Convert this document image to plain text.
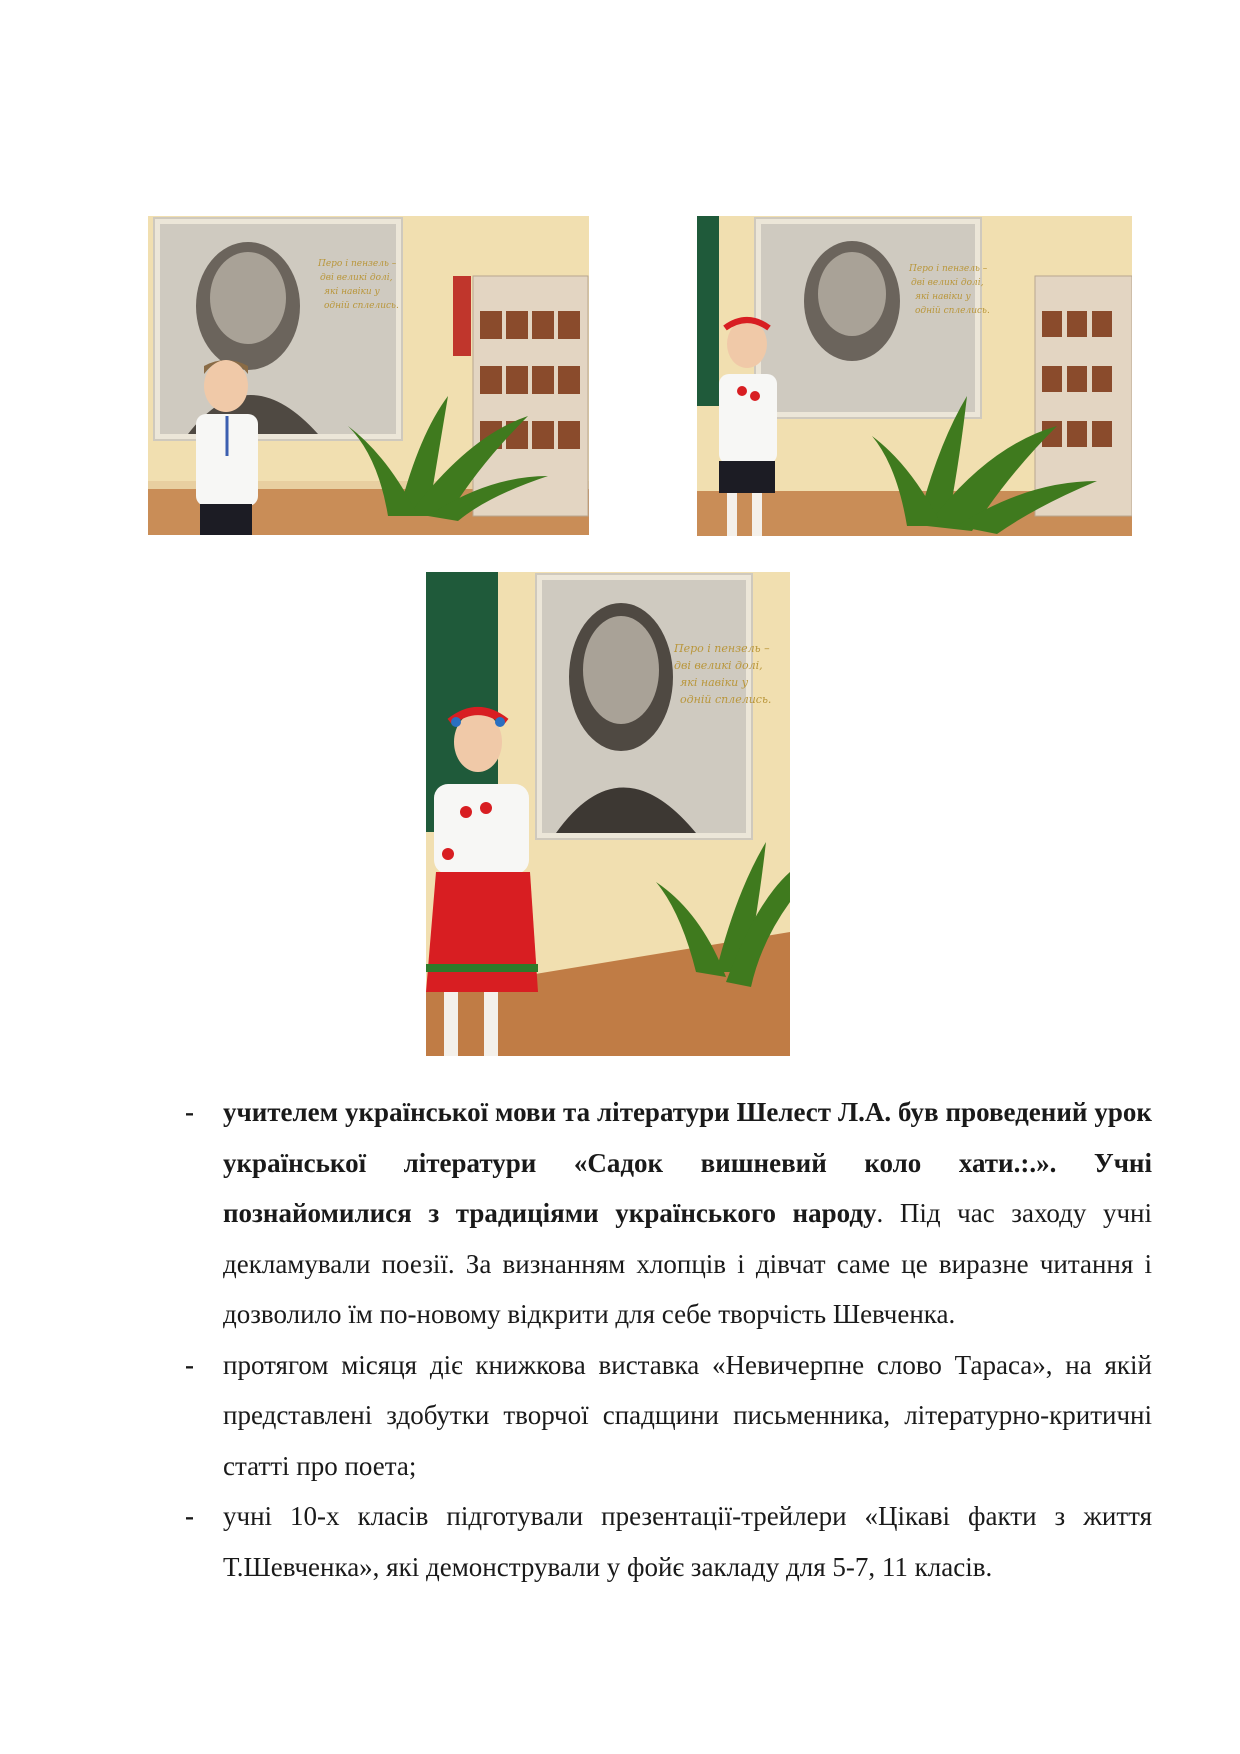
Перо і пензель –
дві великі долі,
які навіки у
одній сплелись.
Перо і пензель –
дві великі долі,
які навіки у
одній сплелись.
Перо і пензель –
дві великі долі,
які навіки у
одній сплелись.
- учителем української мови та літератури Шелест Л.А. був проведений урок української літератури «Садок вишневий коло хати.:.». Учні познайомилися з традиціями українського народу. Під час заходу учні декламували поезії. За визнанням хлопців і дівчат саме це виразне читання і дозволило їм по-новому відкрити для себе творчість Шевченка.
- протягом місяця діє книжкова виставка «Невичерпне слово Тараса», на якій представлені здобутки творчої спадщини письменника, літературно-критичні статті про поета;
- учні 10-х класів підготували презентації-трейлери «Цікаві факти з життя Т.Шевченка», які демонстрували у фойє закладу для 5-7, 11 класів.
